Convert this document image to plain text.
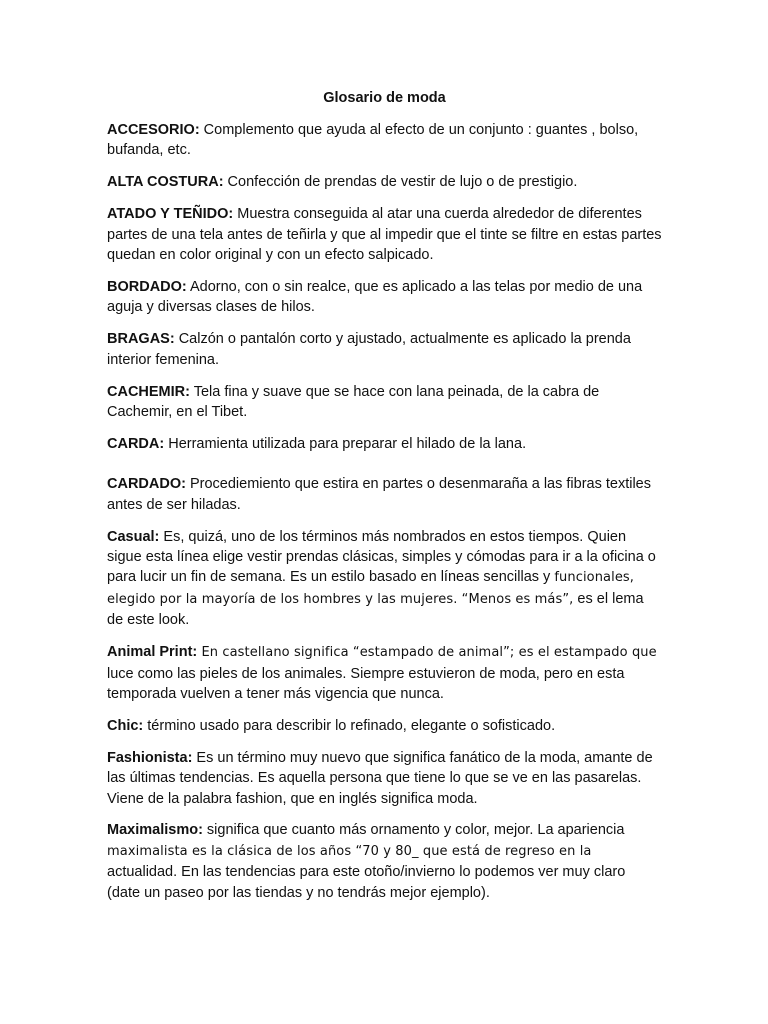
Glosario de moda

ACCESORIO: Complemento que ayuda al efecto de un conjunto : guantes , bolso, bufanda, etc.

ALTA COSTURA: Confección de prendas de vestir de lujo o de prestigio.

ATADO Y TEÑIDO: Muestra conseguida al atar una cuerda alrededor de diferentes partes de una tela antes de teñirla y que al impedir que el tinte se filtre en estas partes quedan en color original y con un efecto salpicado.

BORDADO: Adorno, con o sin realce, que es aplicado a las telas por medio de una aguja y diversas clases de hilos.

BRAGAS: Calzón o pantalón corto y ajustado, actualmente es aplicado la prenda interior femenina.

CACHEMIR: Tela fina y suave que se hace con lana peinada, de la cabra de Cachemir, en el Tibet.

CARDA: Herramienta utilizada para preparar el hilado de la lana.

CARDADO: Procediemiento que estira en partes o desenmaraña a las fibras textiles antes de ser hiladas.

Casual: Es, quizá, uno de los términos más nombrados en estos tiempos. Quien sigue esta línea elige vestir prendas clásicas, simples y cómodas para ir a la oficina o para lucir un fin de semana. Es un estilo basado en líneas sencillas y funcionales, elegido por la mayoría de los hombres y las mujeres. “Menos es más”, es el lema de este look.

Animal Print: En castellano significa “estampado de animal”; es el estampado que luce como las pieles de los animales. Siempre estuvieron de moda, pero en esta temporada vuelven a tener más vigencia que nunca.

Chic: término usado para describir lo refinado, elegante o sofisticado.

Fashionista: Es un término muy nuevo que significa fanático de la moda, amante de las últimas tendencias. Es aquella persona que tiene lo que se ve en las pasarelas. Viene de la palabra fashion, que en inglés significa moda.

Maximalismo: significa que cuanto más ornamento y color, mejor. La apariencia maximalista es la clásica de los años “70 y 80_ que está de regreso en la actualidad. En las tendencias para este otoño/invierno lo podemos ver muy claro (date un paseo por las tiendas y no tendrás mejor ejemplo).
